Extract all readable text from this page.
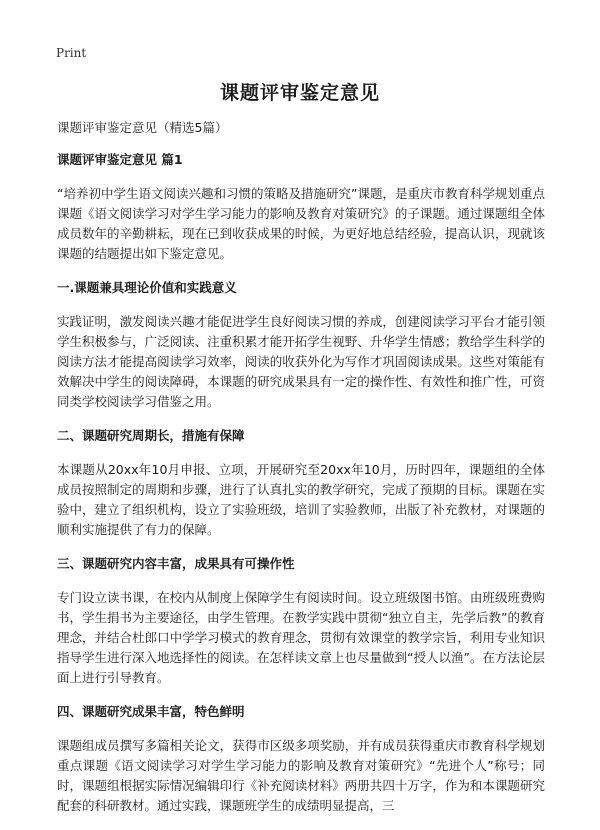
Print
课题评审鉴定意见

课题评审鉴定意见（精选5篇）

课题评审鉴定意见 篇1

“培养初中学生语文阅读兴趣和习惯的策略及措施研究”课题，是重庆市教育科学规划重点课题《语文阅读学习对学生学习能力的影响及教育对策研究》的子课题。通过课题组全体成员数年的辛勤耕耘，现在已到收获成果的时候，为更好地总结经验，提高认识，现就该课题的结题提出如下鉴定意见。

一.课题兼具理论价值和实践意义

实践证明，激发阅读兴趣才能促进学生良好阅读习惯的养成，创建阅读学习平台才能引领学生积极参与，广泛阅读、注重积累才能开拓学生视野、升华学生情感；教给学生科学的阅读方法才能提高阅读学习效率，阅读的收获外化为写作才巩固阅读成果。这些对策能有效解决中学生的阅读障碍，本课题的研究成果具有一定的操作性、有效性和推广性，可资同类学校阅读学习借鉴之用。

二、课题研究周期长，措施有保障

本课题从20xx年10月申报、立项，开展研究至20xx年10月，历时四年，课题组的全体成员按照制定的周期和步骤，进行了认真扎实的教学研究，完成了预期的目标。课题在实验中，建立了组织机构，设立了实验班级，培训了实验教师，出版了补充教材，对课题的顺利实施提供了有力的保障。

三、课题研究内容丰富，成果具有可操作性

专门设立读书课，在校内从制度上保障学生有阅读时间。设立班级图书馆。由班级班费购书，学生捐书为主要途径，由学生管理。在教学实践中贯彻“独立自主，先学后教”的教育理念，并结合杜郎口中学学习模式的教育理念，贯彻有效课堂的教学宗旨，利用专业知识指导学生进行深入地选择性的阅读。在怎样读文章上也尽量做到“授人以渔”。在方法论层面上进行引导教育。

四、课题研究成果丰富，特色鲜明

课题组成员撰写多篇相关论文，获得市区级多项奖励，并有成员获得重庆市教育科学规划重点课题《语文阅读学习对学生学习能力的影响及教育对策研究》“先进个人”称号；同时，课题组根据实际情况编辑印行《补充阅读材料》两册共四十万字，作为和本课题研究配套的科研教材。通过实践，课题班学生的成绩明显提高，三
